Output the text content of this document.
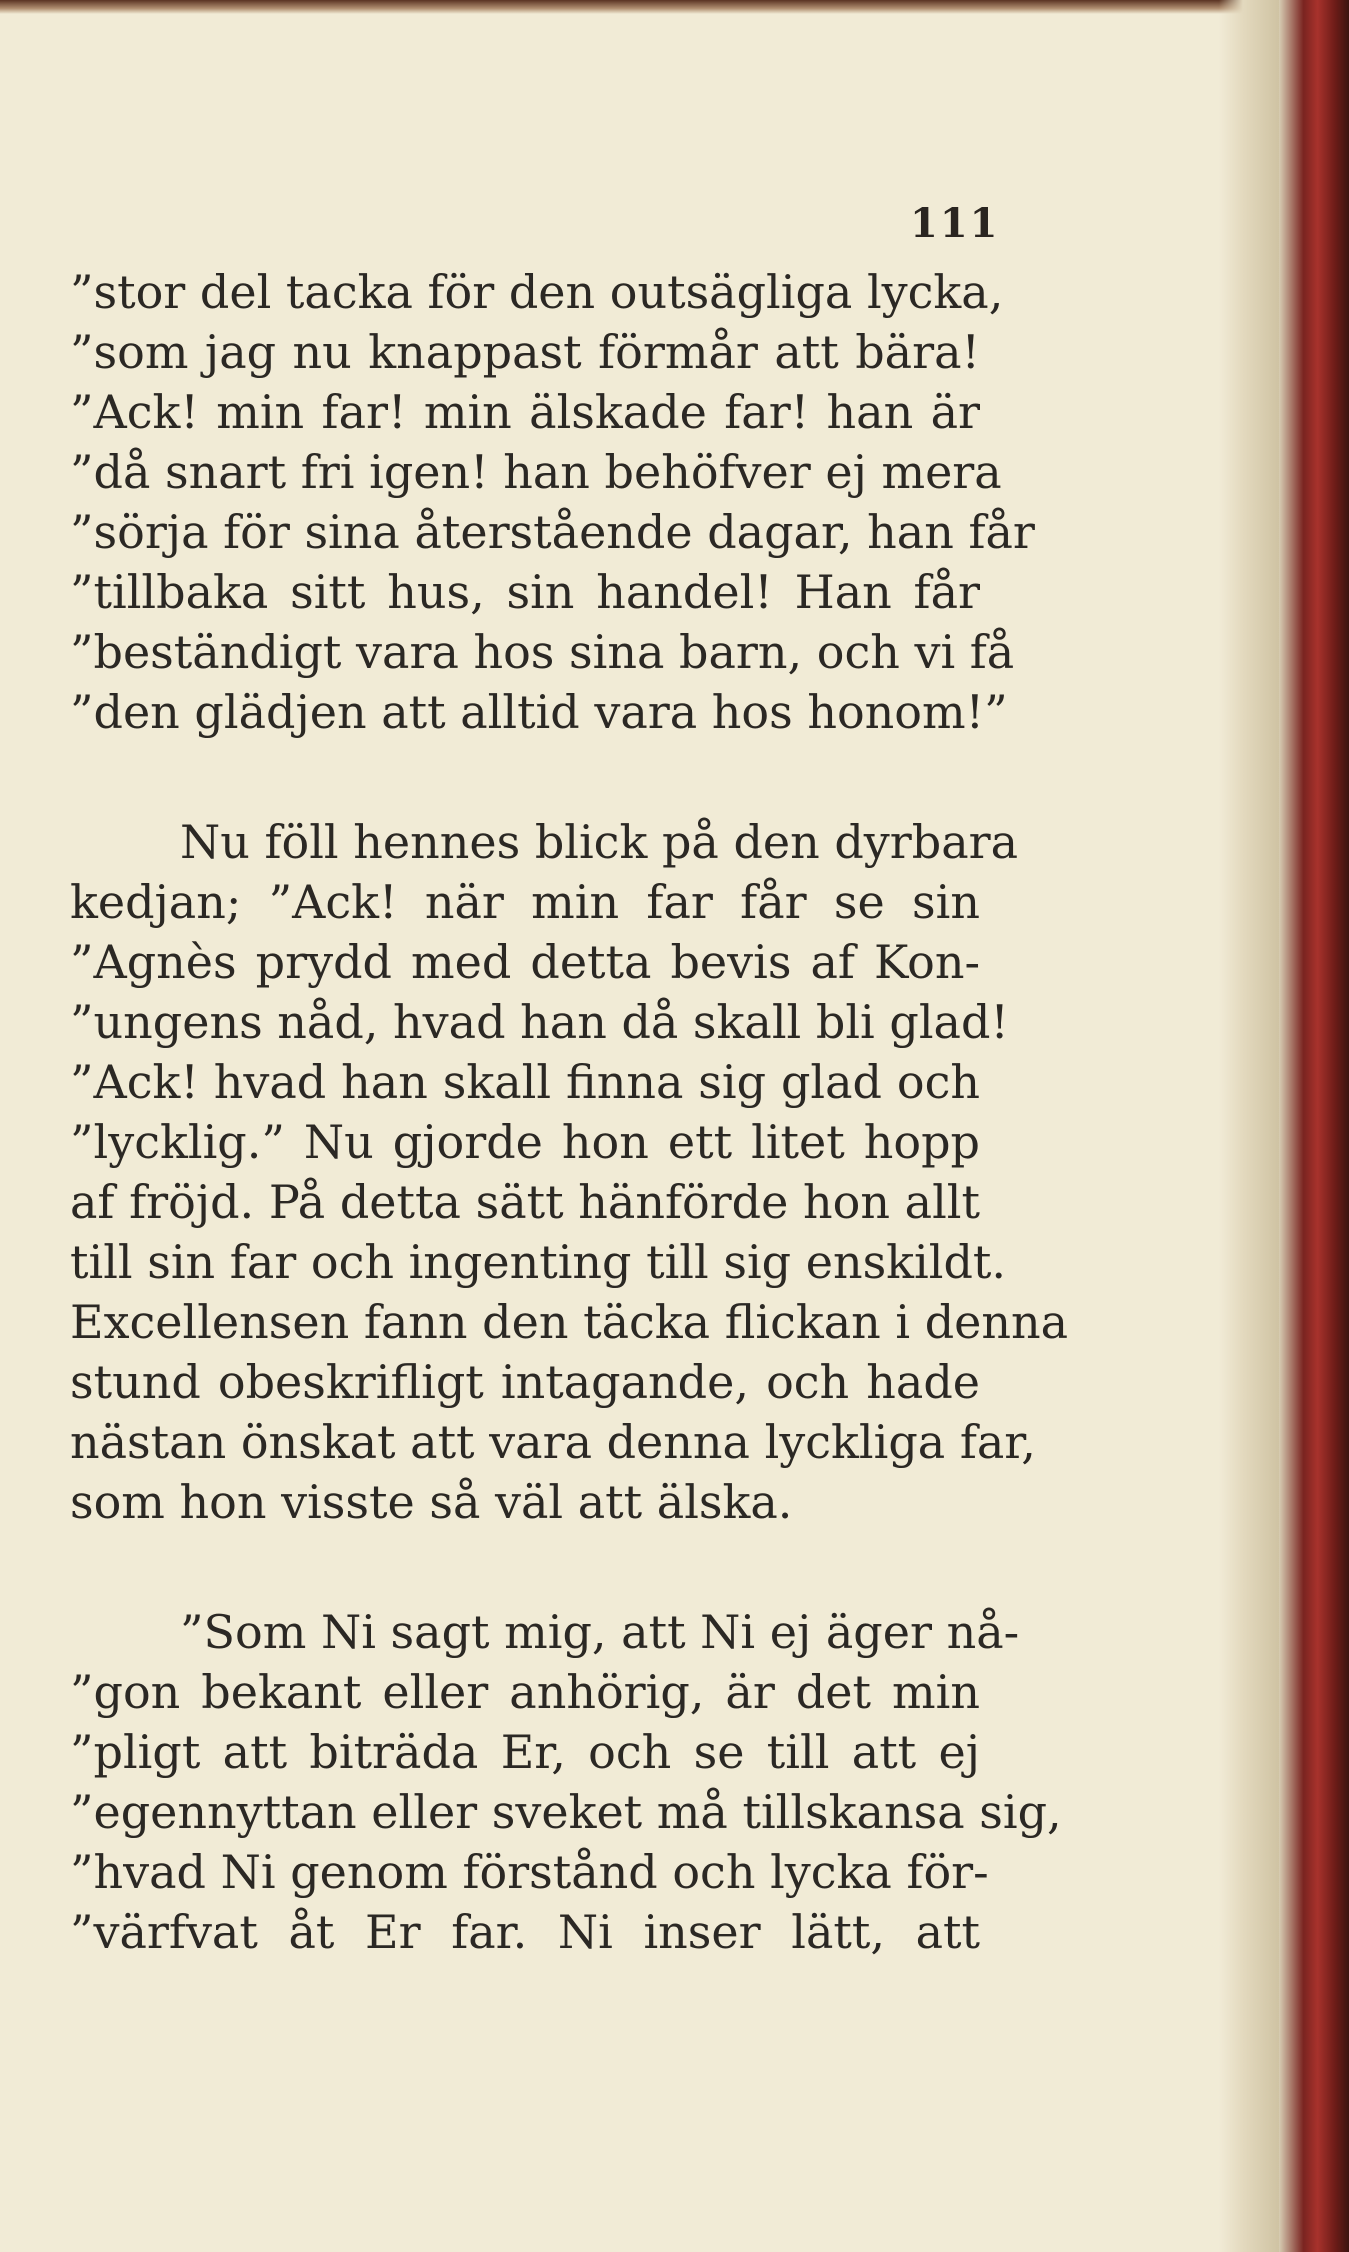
111
”stor del tacka för den outsägliga lycka,
”som jag nu knappast förmår att bära!
”Ack! min far! min älskade far! han är
”då snart fri igen! han behöfver ej mera
”sörja för sina återstående dagar, han får
”tillbaka sitt hus, sin handel! Han får
”beständigt vara hos sina barn, och vi få
”den glädjen att alltid vara hos honom!”
Nu föll hennes blick på den dyrbara
kedjan; ”Ack! när min far får se sin
”Agnès prydd med detta bevis af Kon-
”ungens nåd, hvad han då skall bli glad!
”Ack! hvad han skall finna sig glad och
”lycklig.” Nu gjorde hon ett litet hopp
af fröjd. På detta sätt hänförde hon allt
till sin far och ingenting till sig enskildt.
Excellensen fann den täcka flickan i denna
stund obeskrifligt intagande, och hade
nästan önskat att vara denna lyckliga far,
som hon visste så väl att älska.
”Som Ni sagt mig, att Ni ej äger nå-
”gon bekant eller anhörig, är det min
”pligt att biträda Er, och se till att ej
”egennyttan eller sveket må tillskansa sig,
”hvad Ni genom förstånd och lycka för-
”värfvat åt Er far. Ni inser lätt, att
